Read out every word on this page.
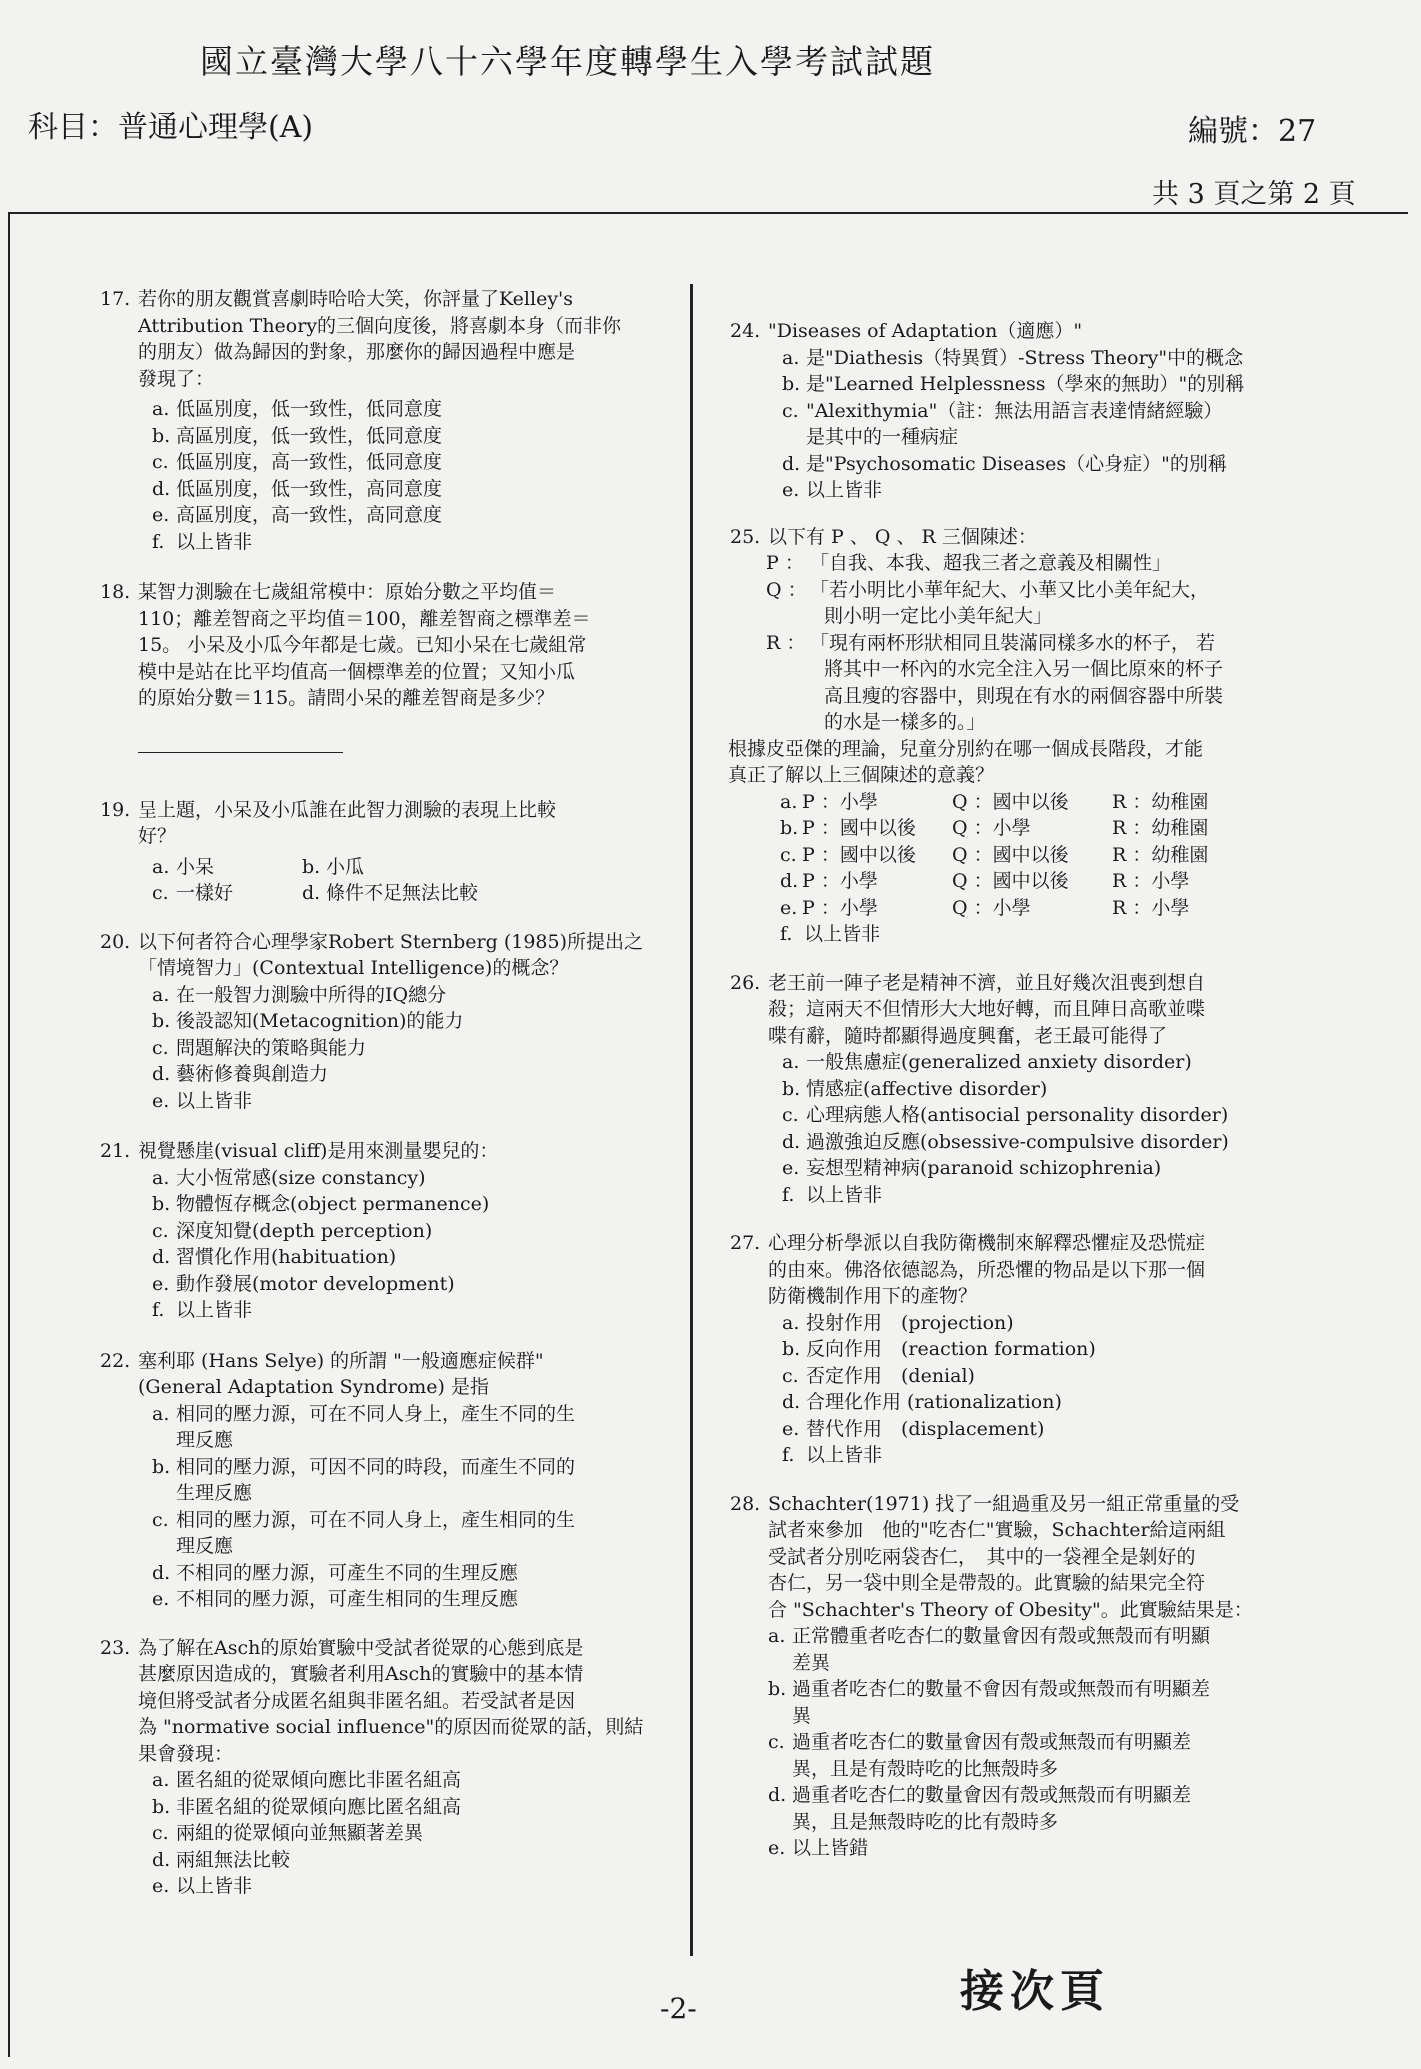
國立臺灣大學八十六學年度轉學生入學考試試題
科目：普通心理學(A)	編號：27
共 3 頁之第 2 頁
17. 若你的朋友觀賞喜劇時哈哈大笑，你評量了Kelley's
Attribution Theory的三個向度後，將喜劇本身（而非你
的朋友）做為歸因的對象，那麼你的歸因過程中應是
發現了：
a. 低區別度，低一致性，低同意度
b. 高區別度，低一致性，低同意度
c. 低區別度，高一致性，低同意度
d. 低區別度，低一致性，高同意度
e. 高區別度，高一致性，高同意度
f. 以上皆非
18. 某智力測驗在七歲組常模中：原始分數之平均值＝
110；離差智商之平均值＝100，離差智商之標準差＝
15。 小呆及小瓜今年都是七歲。已知小呆在七歲組常
模中是站在比平均值高一個標準差的位置；又知小瓜
的原始分數＝115。請問小呆的離差智商是多少？
19. 呈上題，小呆及小瓜誰在此智力測驗的表現上比較
好？
a. 小呆	b. 小瓜
c. 一樣好	d. 條件不足無法比較
20. 以下何者符合心理學家Robert Sternberg (1985)所提出之
「情境智力」(Contextual Intelligence)的概念？
a. 在一般智力測驗中所得的IQ總分
b. 後設認知(Metacognition)的能力
c. 問題解決的策略與能力
d. 藝術修養與創造力
e. 以上皆非
21. 視覺懸崖(visual cliff)是用來測量嬰兒的：
a. 大小恆常感(size constancy)
b. 物體恆存概念(object permanence)
c. 深度知覺(depth perception)
d. 習慣化作用(habituation)
e. 動作發展(motor development)
f. 以上皆非
22. 塞利耶 (Hans Selye) 的所謂 "一般適應症候群"
(General Adaptation Syndrome) 是指
a. 相同的壓力源，可在不同人身上，產生不同的生
理反應
b. 相同的壓力源，可因不同的時段，而產生不同的
生理反應
c. 相同的壓力源，可在不同人身上，產生相同的生
理反應
d. 不相同的壓力源，可產生不同的生理反應
e. 不相同的壓力源，可產生相同的生理反應
23. 為了解在Asch的原始實驗中受試者從眾的心態到底是
甚麼原因造成的，實驗者利用Asch的實驗中的基本情
境但將受試者分成匿名組與非匿名組。若受試者是因
為 "normative social influence"的原因而從眾的話，則結
果會發現：
a. 匿名組的從眾傾向應比非匿名組高
b. 非匿名組的從眾傾向應比匿名組高
c. 兩組的從眾傾向並無顯著差異
d. 兩組無法比較
e. 以上皆非
24. "Diseases of Adaptation（適應）"
a. 是"Diathesis（特異質）-Stress Theory"中的概念
b. 是"Learned Helplessness（學來的無助）"的別稱
c. "Alexithymia"（註：無法用語言表達情緒經驗）
是其中的一種病症
d. 是"Psychosomatic Diseases（心身症）"的別稱
e. 以上皆非
25. 以下有 P 、 Q 、 R 三個陳述：
P ： 「自我、本我、超我三者之意義及相關性」
Q ： 「若小明比小華年紀大、小華又比小美年紀大，
則小明一定比小美年紀大」
R ： 「現有兩杯形狀相同且裝滿同樣多水的杯子， 若
將其中一杯內的水完全注入另一個比原來的杯子
高且瘦的容器中，則現在有水的兩個容器中所裝
的水是一樣多的。」
根據皮亞傑的理論，兒童分別約在哪一個成長階段，才能
真正了解以上三個陳述的意義？
a. P ：小學	Q ：國中以後 R ：幼稚園
b. P ：國中以後 Q ：小學	R ：幼稚園
c. P ：國中以後 Q ：國中以後 R ：幼稚園
d. P ：小學	Q ：國中以後 R ：小學
e. P ：小學	Q ：小學	R ：小學
f. 以上皆非
26. 老王前一陣子老是精神不濟，並且好幾次沮喪到想自
殺；這兩天不但情形大大地好轉，而且陣日高歌並喋
喋有辭，隨時都顯得過度興奮，老王最可能得了
a. 一般焦慮症(generalized anxiety disorder)
b. 情感症(affective disorder)
c. 心理病態人格(antisocial personality disorder)
d. 過激強迫反應(obsessive-compulsive disorder)
e. 妄想型精神病(paranoid schizophrenia)
f. 以上皆非
27. 心理分析學派以自我防衛機制來解釋恐懼症及恐慌症
的由來。佛洛依德認為，所恐懼的物品是以下那一個
防衛機制作用下的產物？
a. 投射作用　(projection)
b. 反向作用　(reaction formation)
c. 否定作用　(denial)
d. 合理化作用 (rationalization)
e. 替代作用　(displacement)
f. 以上皆非
28. Schachter(1971) 找了一組過重及另一組正常重量的受
試者來參加　他的"吃杏仁"實驗，Schachter給這兩組
受試者分別吃兩袋杏仁，　其中的一袋裡全是剝好的
杏仁，另一袋中則全是帶殼的。此實驗的結果完全符
合 "Schachter's Theory of Obesity"。此實驗結果是：
a. 正常體重者吃杏仁的數量會因有殼或無殼而有明顯
差異
b. 過重者吃杏仁的數量不會因有殼或無殼而有明顯差
異
c. 過重者吃杏仁的數量會因有殼或無殼而有明顯差
異，且是有殼時吃的比無殼時多
d. 過重者吃杏仁的數量會因有殼或無殼而有明顯差
異，且是無殼時吃的比有殼時多
e. 以上皆錯
-2-	接次頁
